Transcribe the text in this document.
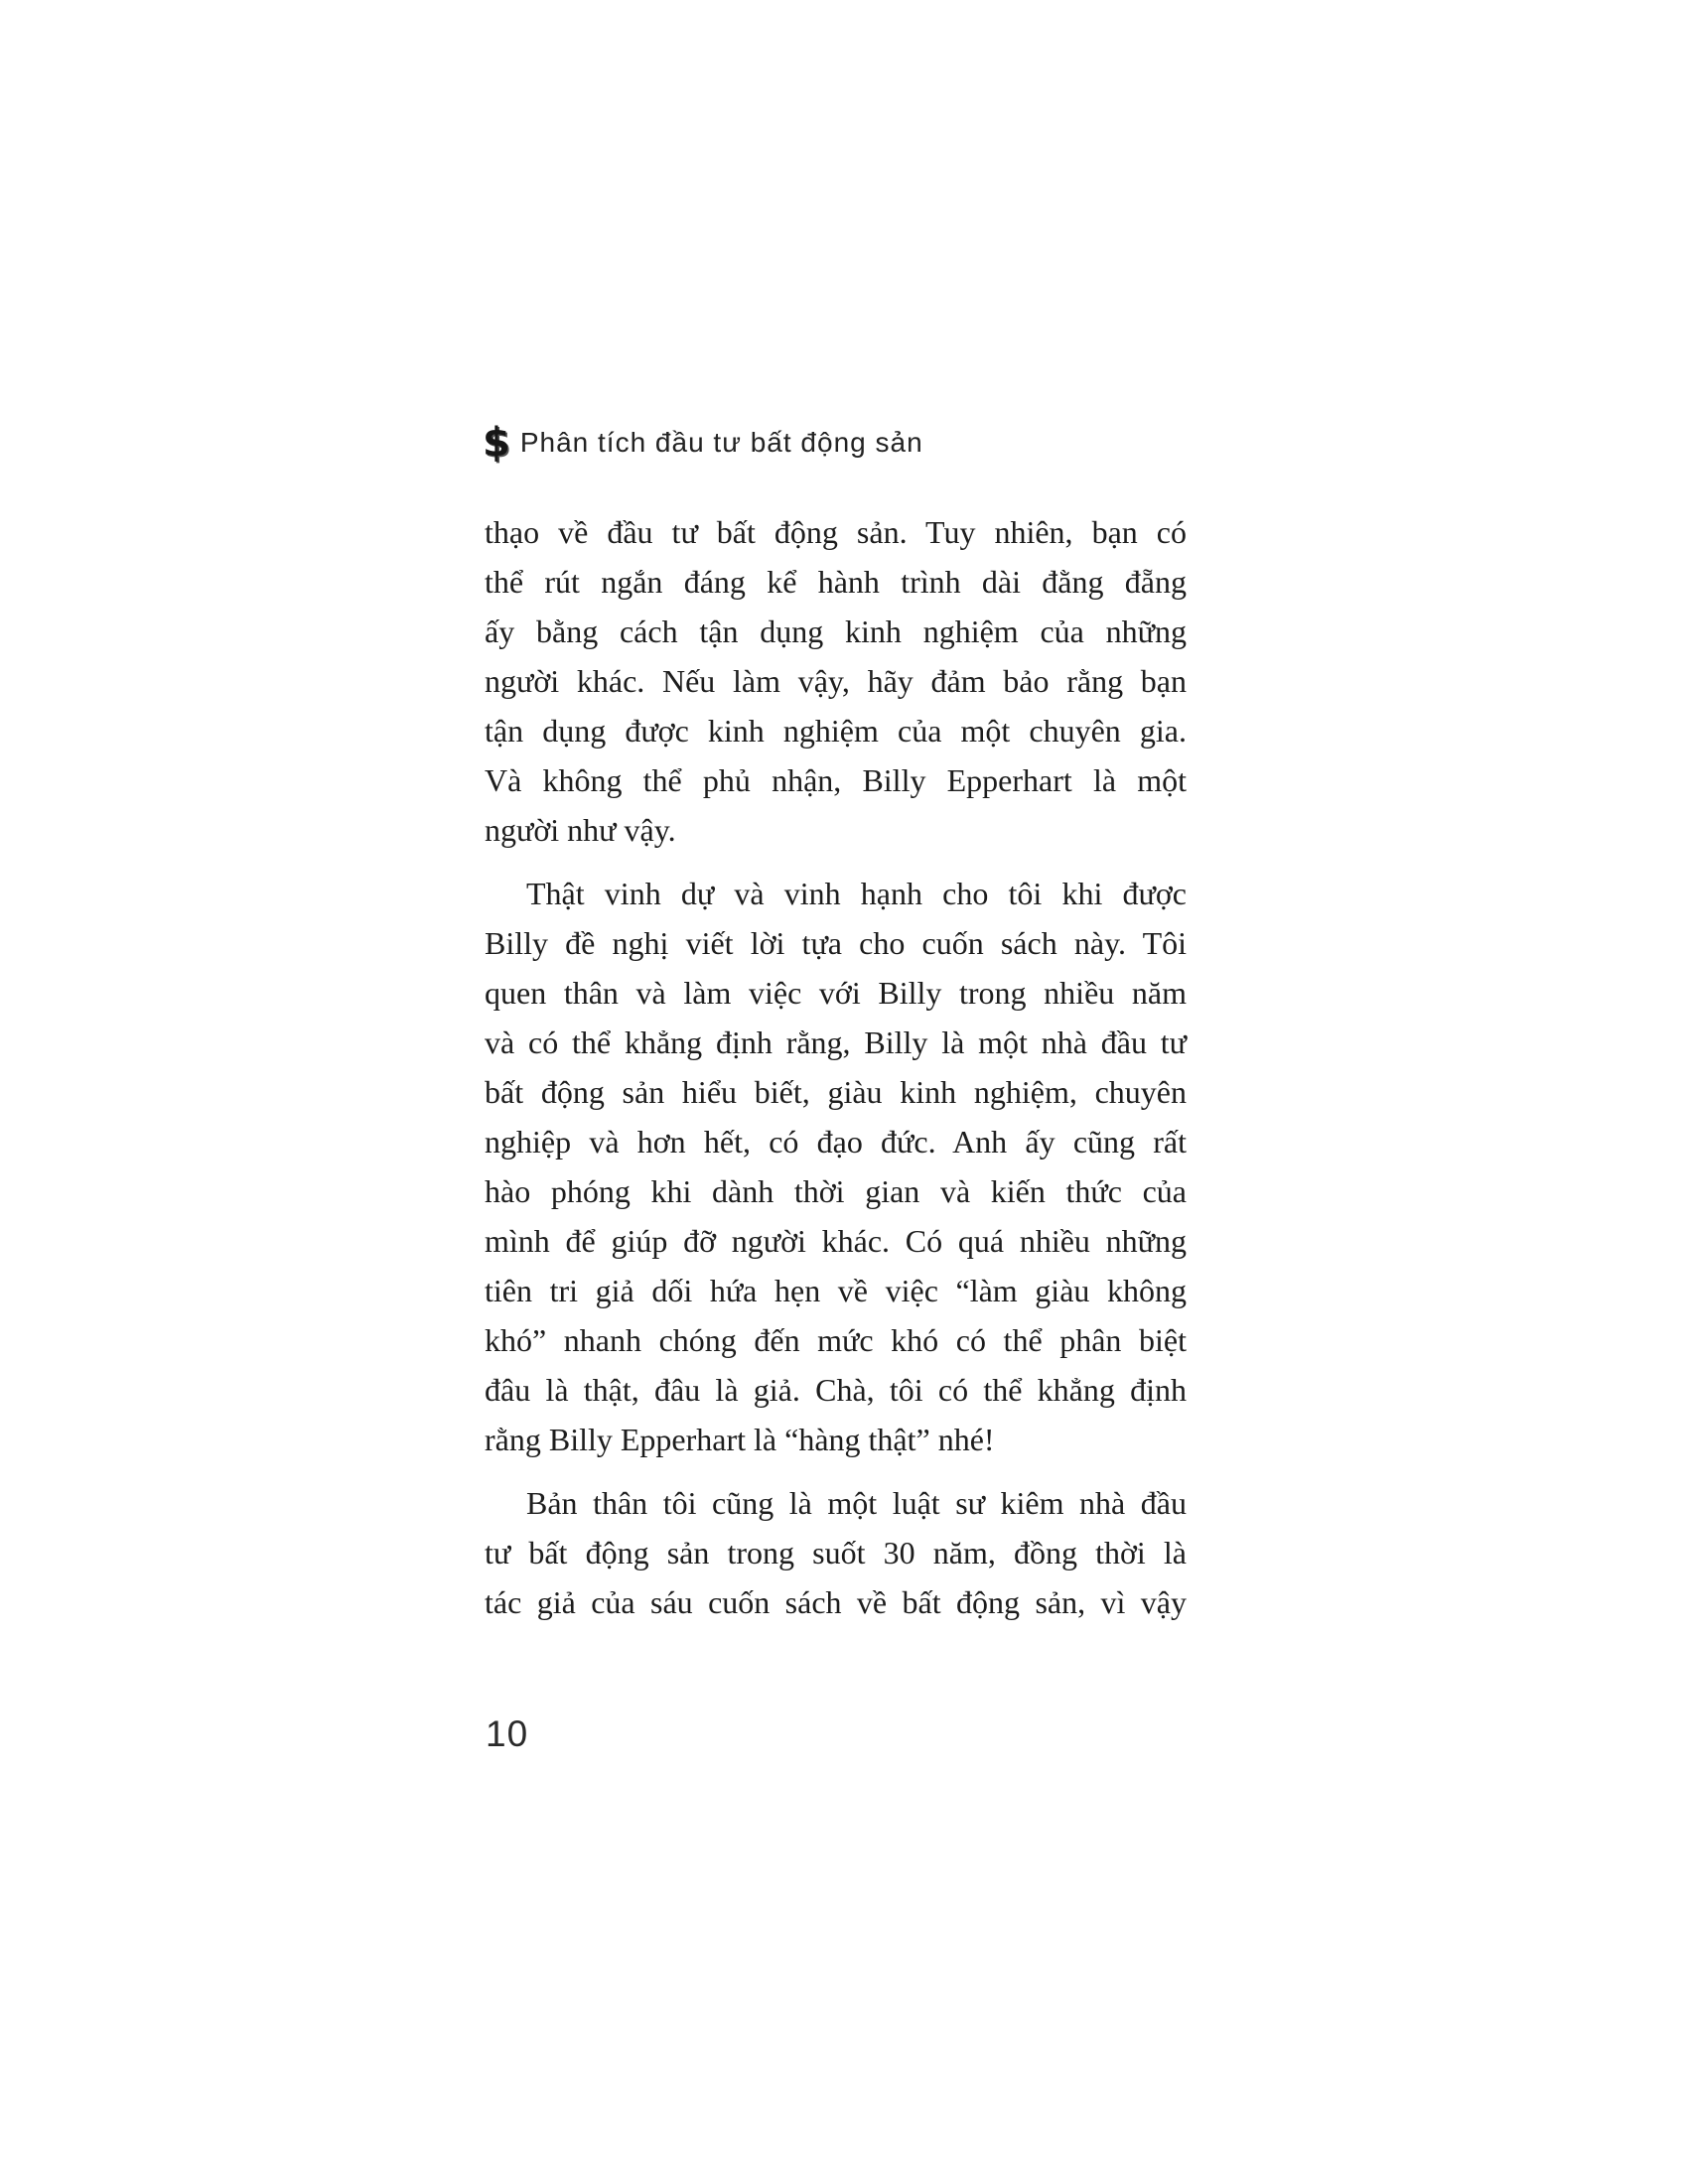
$ Phân tích đầu tư bất động sản
thạo về đầu tư bất động sản. Tuy nhiên, bạn có
thể rút ngắn đáng kể hành trình dài đằng đẵng
ấy bằng cách tận dụng kinh nghiệm của những
người khác. Nếu làm vậy, hãy đảm bảo rằng bạn
tận dụng được kinh nghiệm của một chuyên gia.
Và không thể phủ nhận, Billy Epperhart là một
người như vậy.
Thật vinh dự và vinh hạnh cho tôi khi được
Billy đề nghị viết lời tựa cho cuốn sách này. Tôi
quen thân và làm việc với Billy trong nhiều năm
và có thể khẳng định rằng, Billy là một nhà đầu tư
bất động sản hiểu biết, giàu kinh nghiệm, chuyên
nghiệp và hơn hết, có đạo đức. Anh ấy cũng rất
hào phóng khi dành thời gian và kiến thức của
mình để giúp đỡ người khác. Có quá nhiều những
tiên tri giả dối hứa hẹn về việc “làm giàu không
khó” nhanh chóng đến mức khó có thể phân biệt
đâu là thật, đâu là giả. Chà, tôi có thể khẳng định
rằng Billy Epperhart là “hàng thật” nhé!
Bản thân tôi cũng là một luật sư kiêm nhà đầu
tư bất động sản trong suốt 30 năm, đồng thời là
tác giả của sáu cuốn sách về bất động sản, vì vậy
10
